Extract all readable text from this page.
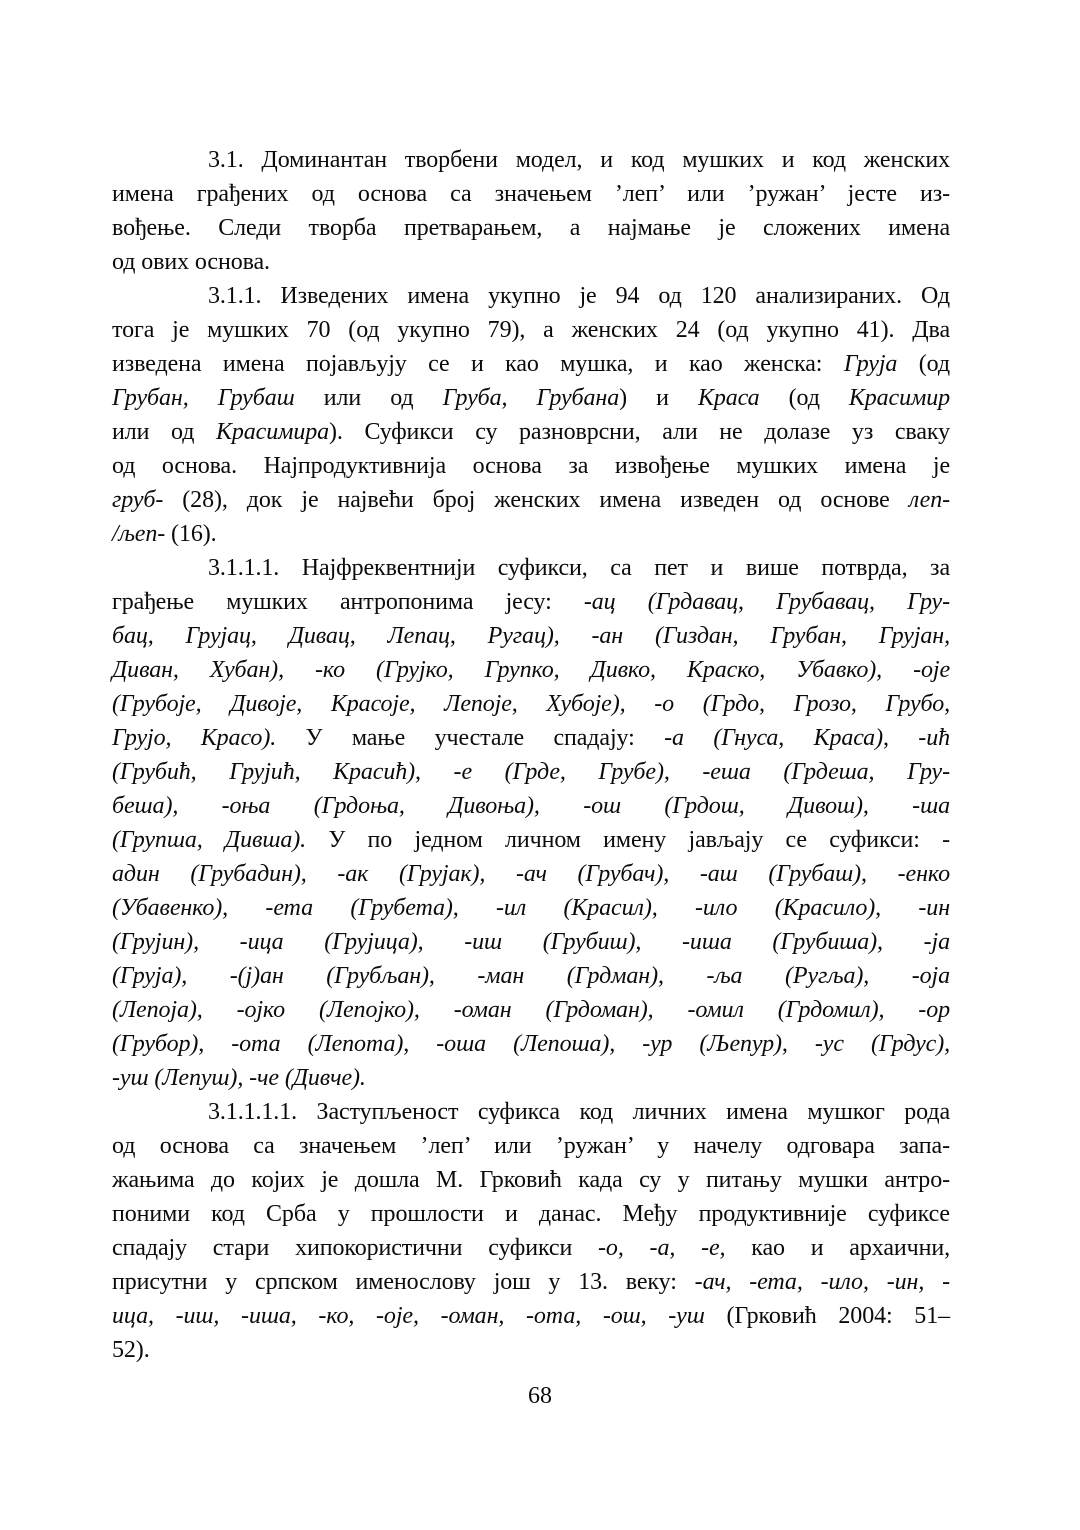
3.1. Доминантан творбени модел, и код мушких и код женских
имена грађених од основа са значењем ’леп’ или ’ружан’ јесте из-
вођење. Следи творба претварањем, а најмање је сложених имена
од ових основа.
3.1.1. Изведених имена укупно је 94 од 120 анализираних. Од
тога је мушких 70 (од укупно 79), а женских 24 (од укупно 41). Два
изведена имена појављују се и као мушка, и као женска: Груја (од
Грубан, Грубаш или од Груба, Грубана) и Краса (од Красимир
или од Красимира). Суфикси су разноврсни, али не долазе уз сваку
од основа. Најпродуктивнија основа за извођење мушких имена је
груб- (28), док је највећи број женских имена изведен од основе леп-
/љеп- (16).
3.1.1.1. Најфреквентнији суфикси, са пет и више потврда, за
грађење мушких антропонима јесу: -ац (Грдавац, Грубавац, Гру-
бац, Грујац, Дивац, Лепац, Ругац), -ан (Гиздан, Грубан, Грујан,
Диван, Хубан), -ко (Грујко, Групко, Дивко, Краско, Убавко), -оје
(Грубоје, Дивоје, Красоје, Лепоје, Хубоје), -о (Грдо, Грозо, Грубо,
Грујо, Красо). У мање учестале спадају: -а (Гнуса, Краса), -ић
(Грубић, Грујић, Красић), -е (Грде, Грубе), -еша (Грдеша, Гру-
беша), -оња (Грдоња, Дивоња), -ош (Грдош, Дивош), -ша
(Групша, Дивша). У по једном личном имену јављају се суфикси: -
адин (Грубадин), -ак (Грујак), -ач (Грубач), -аш (Грубаш), -енко
(Убавенко), -ета (Грубета), -ил (Красил), -ило (Красило), -ин
(Грујин), -ица (Грујица), -иш (Грубиш), -иша (Грубиша), -ја
(Груја), -(ј)ан (Грубљан), -ман (Грдман), -ља (Ругља), -оја
(Лепоја), -ојко (Лепојко), -оман (Грдоман), -омил (Грдомил), -ор
(Грубор), -ота (Лепота), -оша (Лепоша), -ур (Љепур), -ус (Грдус),
-уш (Лепуш), -че (Дивче).
3.1.1.1.1. Заступљеност суфикса код личних имена мушког рода
од основа са значењем ’леп’ или ’ружан’ у начелу одговара запа-
жањима до којих је дошла М. Грковић када су у питању мушки антро-
поними код Срба у прошлости и данас. Међу продуктивније суфиксе
спадају стари хипокористични суфикси -о, -а, -е, као и архаични,
присутни у српском именослову још у 13. веку: -ач, -ета, -ило, -ин, -
ица, -иш, -иша, -ко, -оје, -оман, -ота, -ош, -уш (Грковић 2004: 51–
52).
68
